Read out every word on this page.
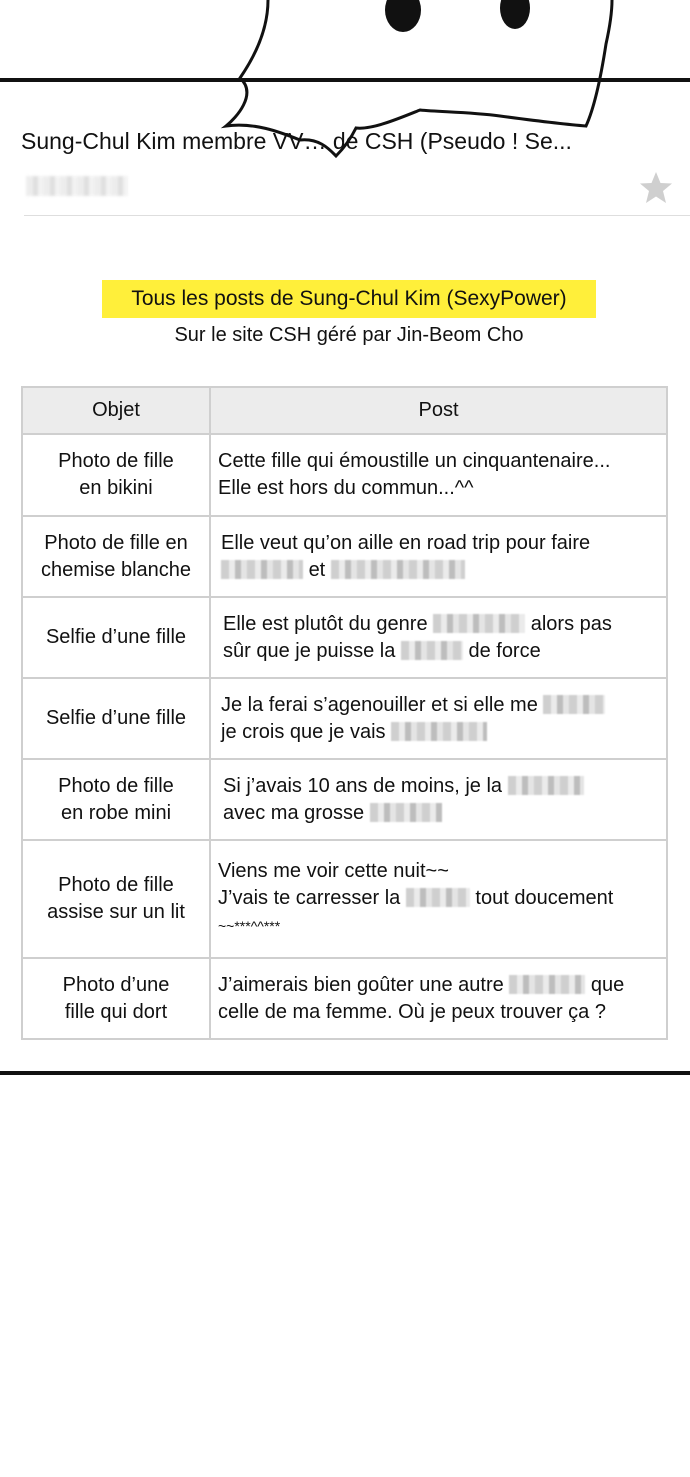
Sung-Chul Kim membre VV… de CSH (Pseudo ! Se...
Tous les posts de Sung-Chul Kim (SexyPower)
Sur le site CSH géré par Jin-Beom Cho
Objet	Post
Photo de fille
en bikini	Cette fille qui émoustille un cinquantenaire...
Elle est hors du commun...^^
Photo de fille en
chemise blanche	Elle veut qu’on aille en road trip pour faire
et
Selfie d’une fille	Elle est plutôt du genre alors pas
sûr que je puisse la de force
Selfie d’une fille	Je la ferai s’agenouiller et si elle me
je crois que je vais
Photo de fille
en robe mini	Si j’avais 10 ans de moins, je la
avec ma grosse
Photo de fille
assise sur un lit	Viens me voir cette nuit~~
J’vais te carresser la tout doucement
~~***^^***
Photo d’une
fille qui dort	J’aimerais bien goûter une autre que
celle de ma femme. Où je peux trouver ça ?
